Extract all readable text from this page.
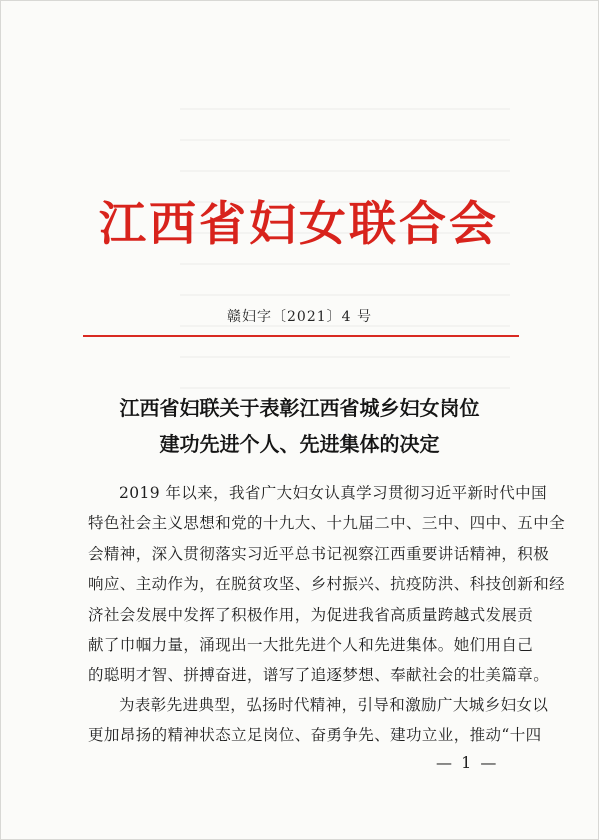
江西省妇女联合会
赣妇字〔2021〕4 号
江西省妇联关于表彰江西省城乡妇女岗位
建功先进个人、先进集体的决定
2019 年以来，我省广大妇女认真学习贯彻习近平新时代中国
特色社会主义思想和党的十九大、十九届二中、三中、四中、五中全
会精神，深入贯彻落实习近平总书记视察江西重要讲话精神，积极
响应、主动作为，在脱贫攻坚、乡村振兴、抗疫防洪、科技创新和经
济社会发展中发挥了积极作用，为促进我省高质量跨越式发展贡
献了巾帼力量，涌现出一大批先进个人和先进集体。她们用自己
的聪明才智、拼搏奋进，谱写了追逐梦想、奉献社会的壮美篇章。
为表彰先进典型，弘扬时代精神，引导和激励广大城乡妇女以
更加昂扬的精神状态立足岗位、奋勇争先、建功立业，推动“十四
— 1 —
